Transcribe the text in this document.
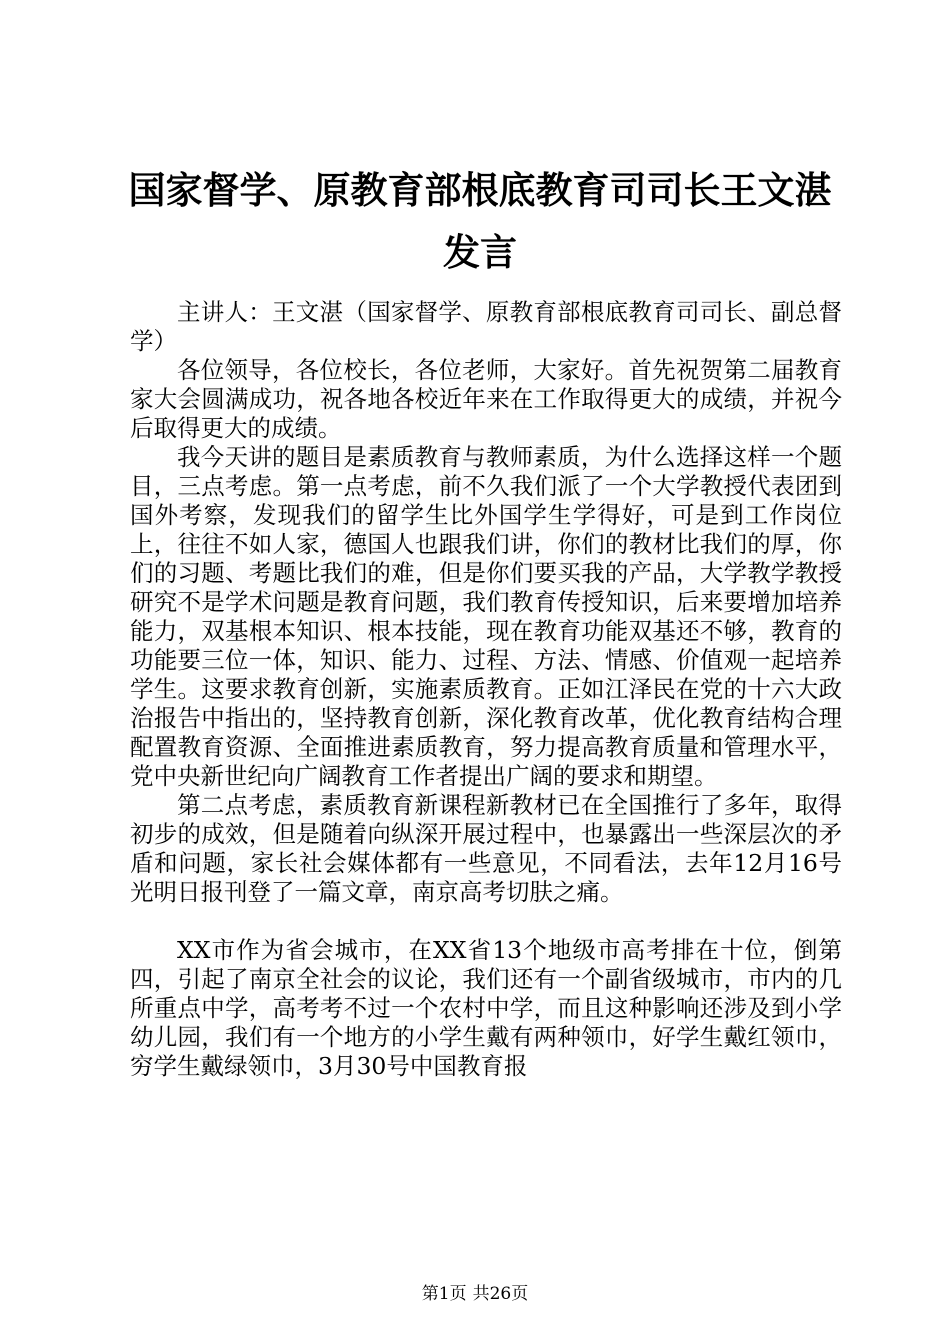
国家督学、原教育部根底教育司司长王文湛发言

主讲人：王文湛（国家督学、原教育部根底教育司司长、副总督学）

各位领导，各位校长，各位老师，大家好。首先祝贺第二届教育家大会圆满成功，祝各地各校近年来在工作取得更大的成绩，并祝今后取得更大的成绩。

我今天讲的题目是素质教育与教师素质，为什么选择这样一个题目，三点考虑。第一点考虑，前不久我们派了一个大学教授代表团到国外考察，发现我们的留学生比外国学生学得好，可是到工作岗位上，往往不如人家，德国人也跟我们讲，你们的教材比我们的厚，你们的习题、考题比我们的难，但是你们要买我的产品，大学教学教授研究不是学术问题是教育问题，我们教育传授知识，后来要增加培养能力，双基根本知识、根本技能，现在教育功能双基还不够，教育的功能要三位一体，知识、能力、过程、方法、情感、价值观一起培养学生。这要求教育创新，实施素质教育。正如江泽民在党的十六大政治报告中指出的，坚持教育创新，深化教育改革，优化教育结构合理配置教育资源、全面推进素质教育，努力提高教育质量和管理水平，党中央新世纪向广阔教育工作者提出广阔的要求和期望。

第二点考虑，素质教育新课程新教材已在全国推行了多年，取得初步的成效，但是随着向纵深开展过程中，也暴露出一些深层次的矛盾和问题，家长社会媒体都有一些意见，不同看法，去年12月16号光明日报刊登了一篇文章，南京高考切肤之痛。

XX市作为省会城市，在XX省13个地级市高考排在十位，倒第四，引起了南京全社会的议论，我们还有一个副省级城市，市内的几所重点中学，高考考不过一个农村中学，而且这种影响还涉及到小学幼儿园，我们有一个地方的小学生戴有两种领巾，好学生戴红领巾，穷学生戴绿领巾，3月30号中国教育报

第1页 共26页
